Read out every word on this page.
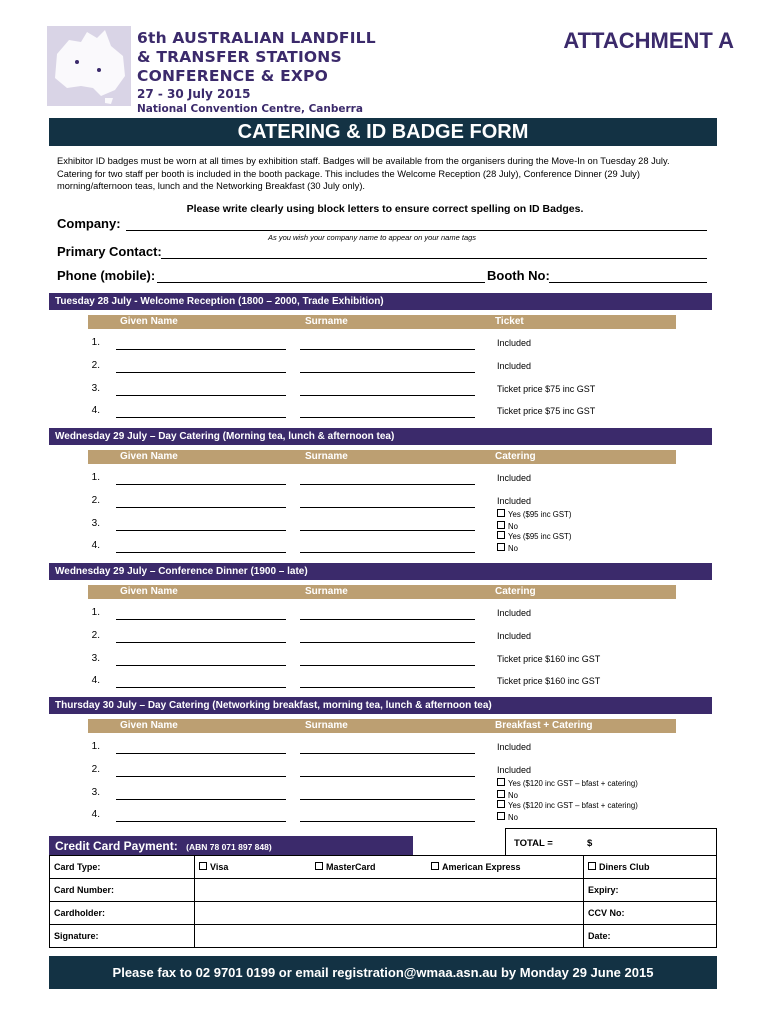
6th AUSTRALIAN LANDFILL
& TRANSFER STATIONS
CONFERENCE & EXPO
27 - 30 July 2015
National Convention Centre, Canberra
ATTACHMENT A
CATERING & ID BADGE FORM
Exhibitor ID badges must be worn at all times by exhibition staff. Badges will be available from the organisers during the Move-In on Tuesday 28 July. Catering for two staff per booth is included in the booth package. This includes the Welcome Reception (28 July), Conference Dinner (29 July) morning/afternoon teas, lunch and the Networking Breakfast (30 July only).
Please write clearly using block letters to ensure correct spelling on ID Badges.
Company:
As you wish your company name to appear on your name tags
Primary Contact:
Phone (mobile):	Booth No:
Tuesday 28 July - Welcome Reception (1800 – 2000, Trade Exhibition)
Given Name	Surname	Ticket
1.	Included
2.	Included
3.	Ticket price $75 inc GST
4.	Ticket price $75 inc GST
Wednesday 29 July – Day Catering (Morning tea, lunch & afternoon tea)
Given Name	Surname	Catering
1.	Included
2.	Included
3.
Yes ($95 inc GST)
No
4.
Yes ($95 inc GST)
No
Wednesday 29 July – Conference Dinner (1900 – late)
Given Name	Surname	Catering
1.	Included
2.	Included
3.	Ticket price $160 inc GST
4.	Ticket price $160 inc GST
Thursday 30 July – Day Catering (Networking breakfast, morning tea, lunch & afternoon tea)
Given Name	Surname	Breakfast + Catering
1.	Included
2.	Included
3.
Yes ($120 inc GST – bfast + catering)
No
4.
Yes ($120 inc GST – bfast + catering)
No
Credit Card Payment: (ABN 78 071 897 848)	TOTAL =	$
Card Type:	Visa	MasterCard	American Express	Diners Club
Card Number:				Expiry:
Cardholder:				CCV No:
Signature:				Date:
Please fax to 02 9701 0199 or email registration@wmaa.asn.au by Monday 29 June 2015
